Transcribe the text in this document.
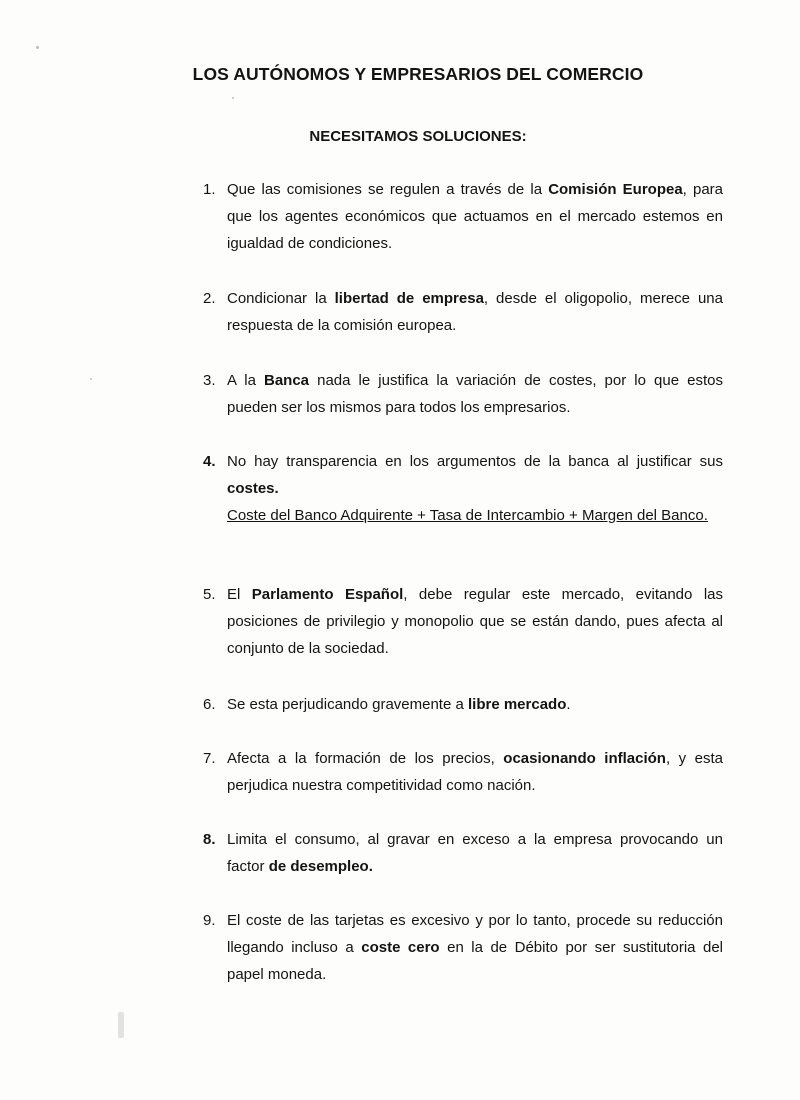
LOS AUTÓNOMOS Y EMPRESARIOS DEL COMERCIO
NECESITAMOS SOLUCIONES:
1. Que las comisiones se regulen a través de la Comisión Europea, para que los agentes económicos que actuamos en el mercado estemos en igualdad de condiciones.
2. Condicionar la libertad de empresa, desde el oligopolio, merece una respuesta de la comisión europea.
3. A la Banca nada le justifica la variación de costes, por lo que estos pueden ser los mismos para todos los empresarios.
4. No hay transparencia en los argumentos de la banca al justificar sus costes.
Coste del Banco Adquirente + Tasa de Intercambio + Margen del Banco.
5. El Parlamento Español, debe regular este mercado, evitando las posiciones de privilegio y monopolio que se están dando, pues afecta al conjunto de la sociedad.
6. Se esta perjudicando gravemente a libre mercado.
7. Afecta a la formación de los precios, ocasionando inflación, y esta perjudica nuestra competitividad como nación.
8. Limita el consumo, al gravar en exceso a la empresa provocando un factor de desempleo.
9. El coste de las tarjetas es excesivo y por lo tanto, procede su reducción llegando incluso a coste cero en la de Débito por ser sustitutoria del papel moneda.
